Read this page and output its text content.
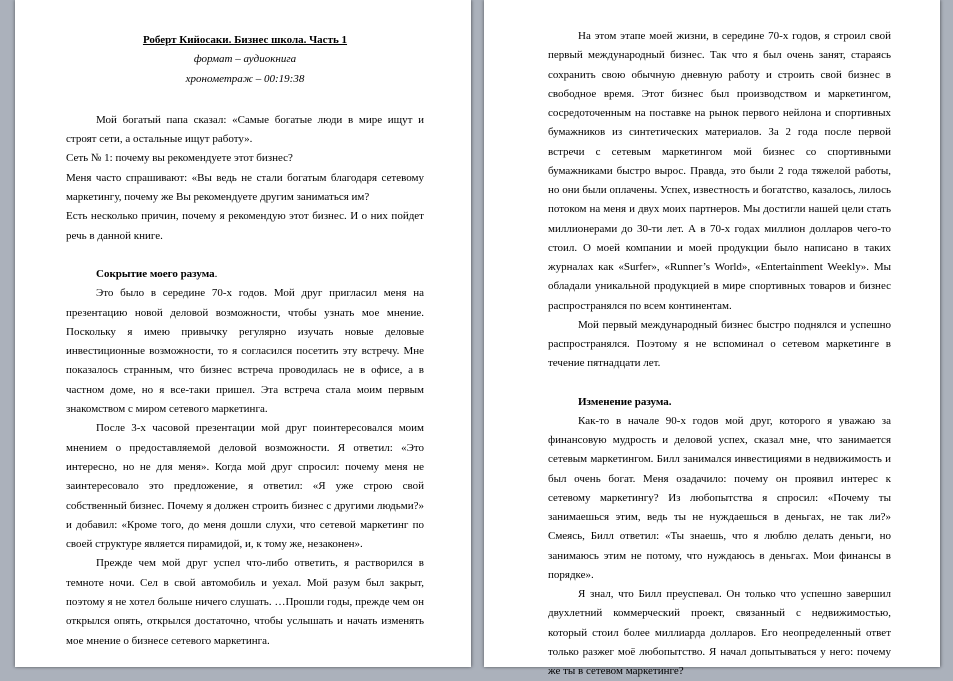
Роберт Кийосаки. Бизнес школа. Часть 1

формат – аудиокнига

хронометраж – 00:19:38

Мой богатый папа сказал: «Самые богатые люди в мире ищут и строят сети, а остальные ищут работу».

Сеть № 1: почему вы рекомендуете этот бизнес?

Меня часто спрашивают: «Вы ведь не стали богатым благодаря сетевому маркетингу, почему же Вы рекомендуете другим заниматься им?

Есть несколько причин, почему я рекомендую этот бизнес. И о них пойдет речь в данной книге.

Сокрытие моего разума.

Это было в середине 70-х годов. Мой друг пригласил меня на презентацию новой деловой возможности, чтобы узнать мое мнение. Поскольку я имею привычку регулярно изучать новые деловые инвестиционные возможности, то я согласился посетить эту встречу. Мне показалось странным, что бизнес встреча проводилась не в офисе, а в частном доме, но я все-таки пришел. Эта встреча стала моим первым знакомством с миром сетевого маркетинга.

После 3-х часовой презентации мой друг поинтересовался моим мнением о предоставляемой деловой возможности. Я ответил: «Это интересно, но не для меня». Когда мой друг спросил: почему меня не заинтересовало это предложение, я ответил: «Я уже строю свой собственный бизнес. Почему я должен строить бизнес с другими людьми?» и добавил: «Кроме того, до меня дошли слухи, что сетевой маркетинг по своей структуре является пирамидой, и, к тому же, незаконен».

Прежде чем мой друг успел что-либо ответить, я растворился в темноте ночи. Сел в свой автомобиль и уехал. Мой разум был закрыт, поэтому я не хотел больше ничего слушать. …Прошли годы, прежде чем он открылся опять, открылся достаточно, чтобы услышать и начать изменять мое мнение о бизнесе сетевого маркетинга.

На этом этапе моей жизни, в середине 70-х годов, я строил свой первый международный бизнес. Так что я был очень занят, стараясь сохранить свою обычную дневную работу и строить свой бизнес в свободное время. Этот бизнес был производством и маркетингом, сосредоточенным на поставке на рынок первого нейлона и спортивных бумажников из синтетических материалов. За 2 года после первой встречи с сетевым маркетингом мой бизнес со спортивными бумажниками быстро вырос. Правда, это были 2 года тяжелой работы, но они были оплачены. Успех, известность и богатство, казалось, лилось потоком на меня и двух моих партнеров. Мы достигли нашей цели стать миллионерами до 30-ти лет. А в 70-х годах миллион долларов чего-то стоил. О моей компании и моей продукции было написано в таких журналах как «Surfer», «Runner’s World», «Entertainment Weekly». Мы обладали уникальной продукцией в мире спортивных товаров и бизнес распространялся по всем континентам.

Мой первый международный бизнес быстро поднялся и успешно распространялся. Поэтому я не вспоминал о сетевом маркетинге в течение пятнадцати лет.

Изменение разума.

Как-то в начале 90-х годов мой друг, которого я уважаю за финансовую мудрость и деловой успех, сказал мне, что занимается сетевым маркетингом. Билл занимался инвестициями в недвижимость и был очень богат. Меня озадачило: почему он проявил интерес к сетевому маркетингу? Из любопытства я спросил: «Почему ты занимаешься этим, ведь ты не нуждаешься в деньгах, не так ли?» Смеясь, Билл ответил: «Ты знаешь, что я люблю делать деньги, но занимаюсь этим не потому, что нуждаюсь в деньгах. Мои финансы в порядке».

Я знал, что Билл преуспевал. Он только что успешно завершил двухлетний коммерческий проект, связанный с недвижимостью, который стоил более миллиарда долларов. Его неопределенный ответ только разжег моё любопытство. Я начал допытываться у него: почему же ты в сетевом маркетинге?
